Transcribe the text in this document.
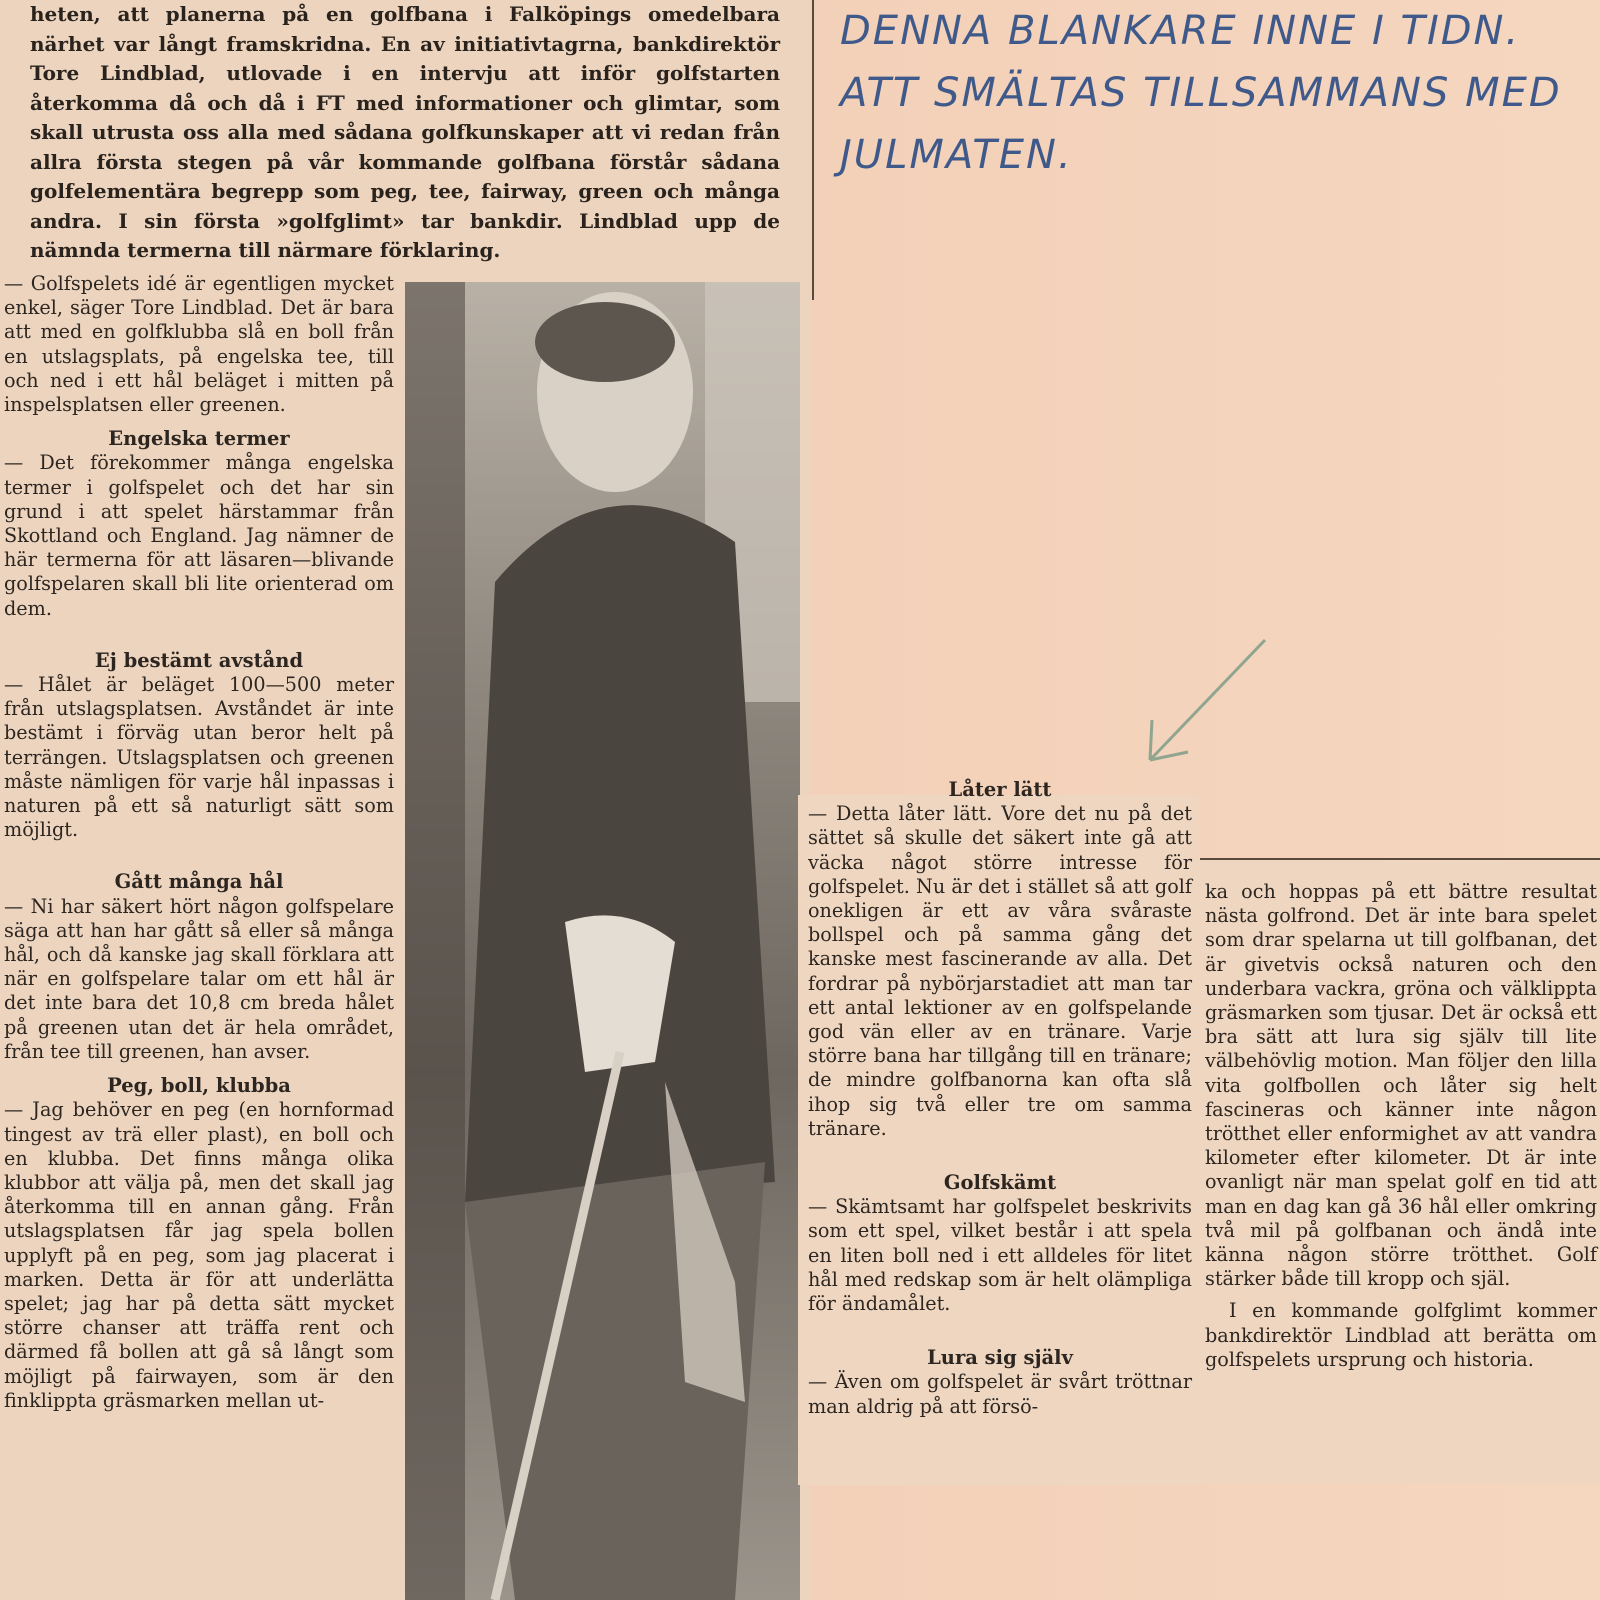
heten, att planerna på en golfbana i Falköpings omedelbara närhet var långt framskridna. En av initiativtagrna, bankdirektör Tore Lindblad, utlovade i en intervju att inför golfstarten återkomma då och då i FT med informationer och glimtar, som skall utrusta oss alla med sådana golfkunskaper att vi redan från allra första stegen på vår kommande golfbana förstår sådana golfelementära begrepp som peg, tee, fairway, green och många andra. I sin första »golfglimt» tar bankdir. Lindblad upp de nämnda termerna till närmare förklaring.

— Golfspelets idé är egentligen mycket enkel, säger Tore Lindblad. Det är bara att med en golfklubba slå en boll från en utslagsplats, på engelska tee, till och ned i ett hål beläget i mitten på inspelsplatsen eller greenen.

Engelska termer

— Det förekommer många engelska termer i golfspelet och det har sin grund i att spelet härstammar från Skottland och England. Jag nämner de här termerna för att läsaren—blivande golfspelaren skall bli lite orienterad om dem.

Ej bestämt avstånd

— Hålet är beläget 100—500 meter från utslagsplatsen. Avståndet är inte bestämt i förväg utan beror helt på terrängen. Utslagsplatsen och greenen måste nämligen för varje hål inpassas i naturen på ett så naturligt sätt som möjligt.

Gått många hål

— Ni har säkert hört någon golfspelare säga att han har gått så eller så många hål, och då kanske jag skall förklara att när en golfspelare talar om ett hål är det inte bara det 10,8 cm breda hålet på greenen utan det är hela området, från tee till greenen, han avser.

Peg, boll, klubba

— Jag behöver en peg (en hornformad tingest av trä eller plast), en boll och en klubba. Det finns många olika klubbor att välja på, men det skall jag återkomma till en annan gång. Från utslagsplatsen får jag spela bollen upplyft på en peg, som jag placerat i marken. Detta är för att underlätta spelet; jag har på detta sätt mycket större chanser att träffa rent och därmed få bollen att gå så långt som möjligt på fairwayen, som är den finklippta gräsmarken mellan ut-

DENNA BLANKARE INNE I TIDN.
ATT SMÄLTAS TILLSAMMANS MED
JULMATEN.
Låter lätt

— Detta låter lätt. Vore det nu på det sättet så skulle det säkert inte gå att väcka något större intresse för golfspelet. Nu är det i stället så att golf onekligen är ett av våra svåraste bollspel och på samma gång det kanske mest fascinerande av alla. Det fordrar på nybörjarstadiet att man tar ett antal lektioner av en golfspelande god vän eller av en tränare. Varje större bana har tillgång till en tränare; de mindre golfbanorna kan ofta slå ihop sig två eller tre om samma tränare.

Golfskämt

— Skämtsamt har golfspelet beskrivits som ett spel, vilket består i att spela en liten boll ned i ett alldeles för litet hål med redskap som är helt olämpliga för ändamålet.

Lura sig själv

— Även om golfspelet är svårt tröttnar man aldrig på att försö-

ka och hoppas på ett bättre resultat nästa golfrond. Det är inte bara spelet som drar spelarna ut till golfbanan, det är givetvis också naturen och den underbara vackra, gröna och välklippta gräsmarken som tjusar. Det är också ett bra sätt att lura sig själv till lite välbehövlig motion. Man följer den lilla vita golfbollen och låter sig helt fascineras och känner inte någon trötthet eller enformighet av att vandra kilometer efter kilometer. Dt är inte ovanligt när man spelat golf en tid att man en dag kan gå 36 hål eller omkring två mil på golfbanan och ändå inte känna någon större trötthet. Golf stärker både till kropp och själ.

I en kommande golfglimt kommer bankdirektör Lindblad att berätta om golfspelets ursprung och historia.
